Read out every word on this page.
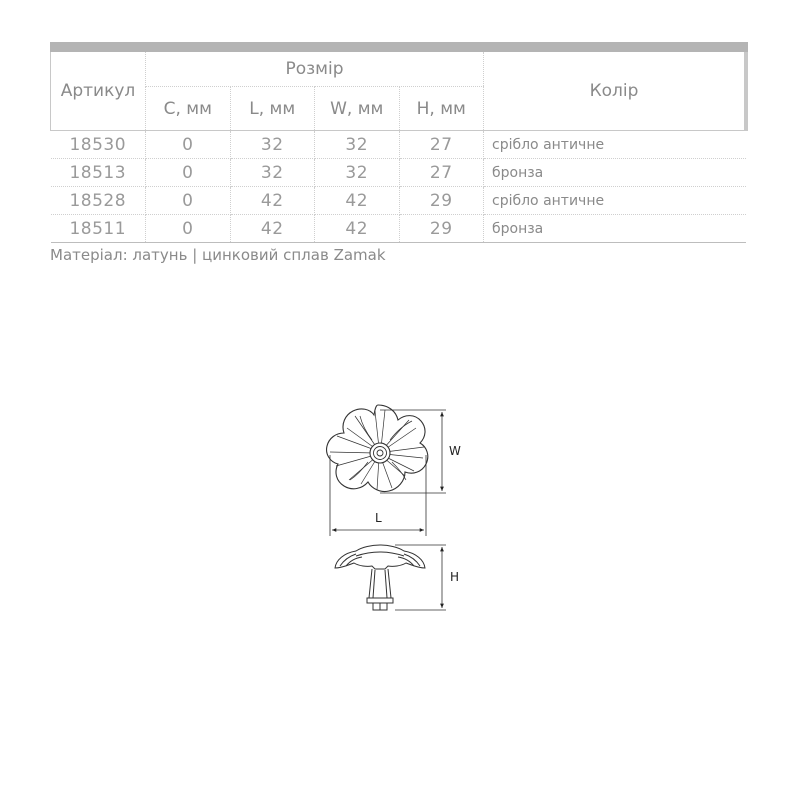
Артикул	Розмір				Колір
	С, мм	L, мм	W, мм	H, мм	
18530	0	32	32	27	срібло античне
18513	0	32	32	27	бронза
18528	0	42	42	29	срібло античне
18511	0	42	42	29	бронза
Матеріал: латунь | цинковий сплав Zamak
W
L
H
